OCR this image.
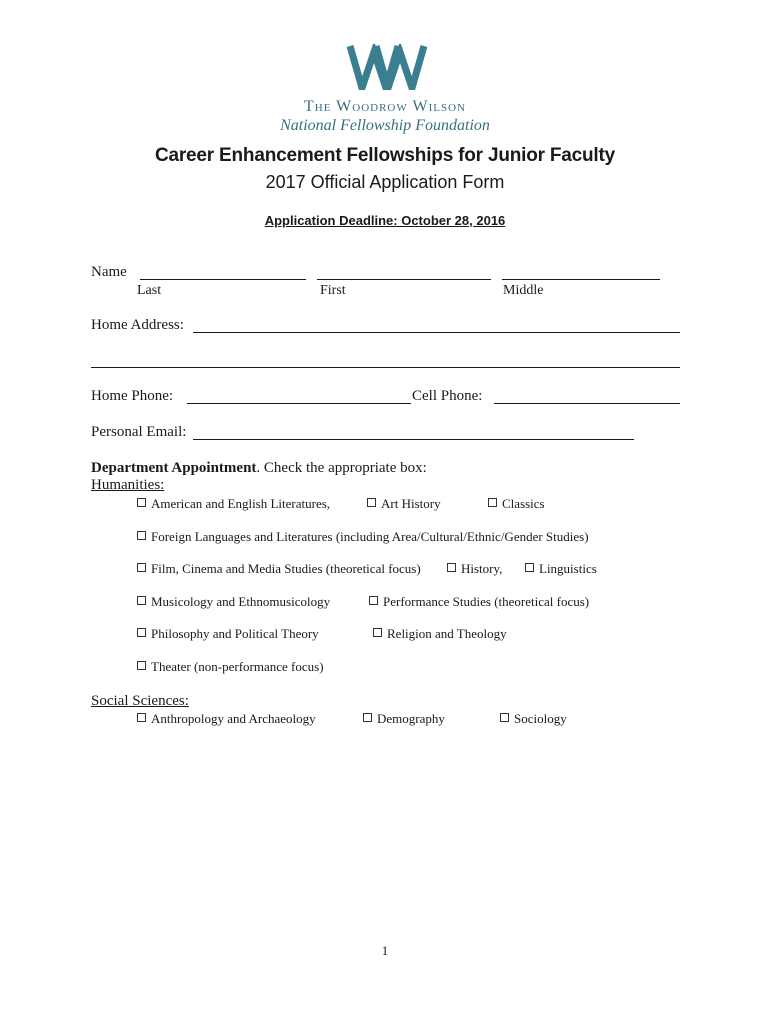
The Woodrow Wilson
National Fellowship Foundation
Career Enhancement Fellowships for Junior Faculty
2017 Official Application Form
Application Deadline: October 28, 2016
Name
Last	First	Middle
Home Address:
Home Phone:	Cell Phone:
Personal Email:
Department Appointment. Check the appropriate box:
Humanities:
American and English Literatures,	Art History	Classics
Foreign Languages and Literatures (including Area/Cultural/Ethnic/Gender Studies)
Film, Cinema and Media Studies (theoretical focus)	History,	Linguistics
Musicology and Ethnomusicology	Performance Studies (theoretical focus)
Philosophy and Political Theory	Religion and Theology
Theater (non-performance focus)
Social Sciences:
Anthropology and Archaeology	Demography	Sociology
1
